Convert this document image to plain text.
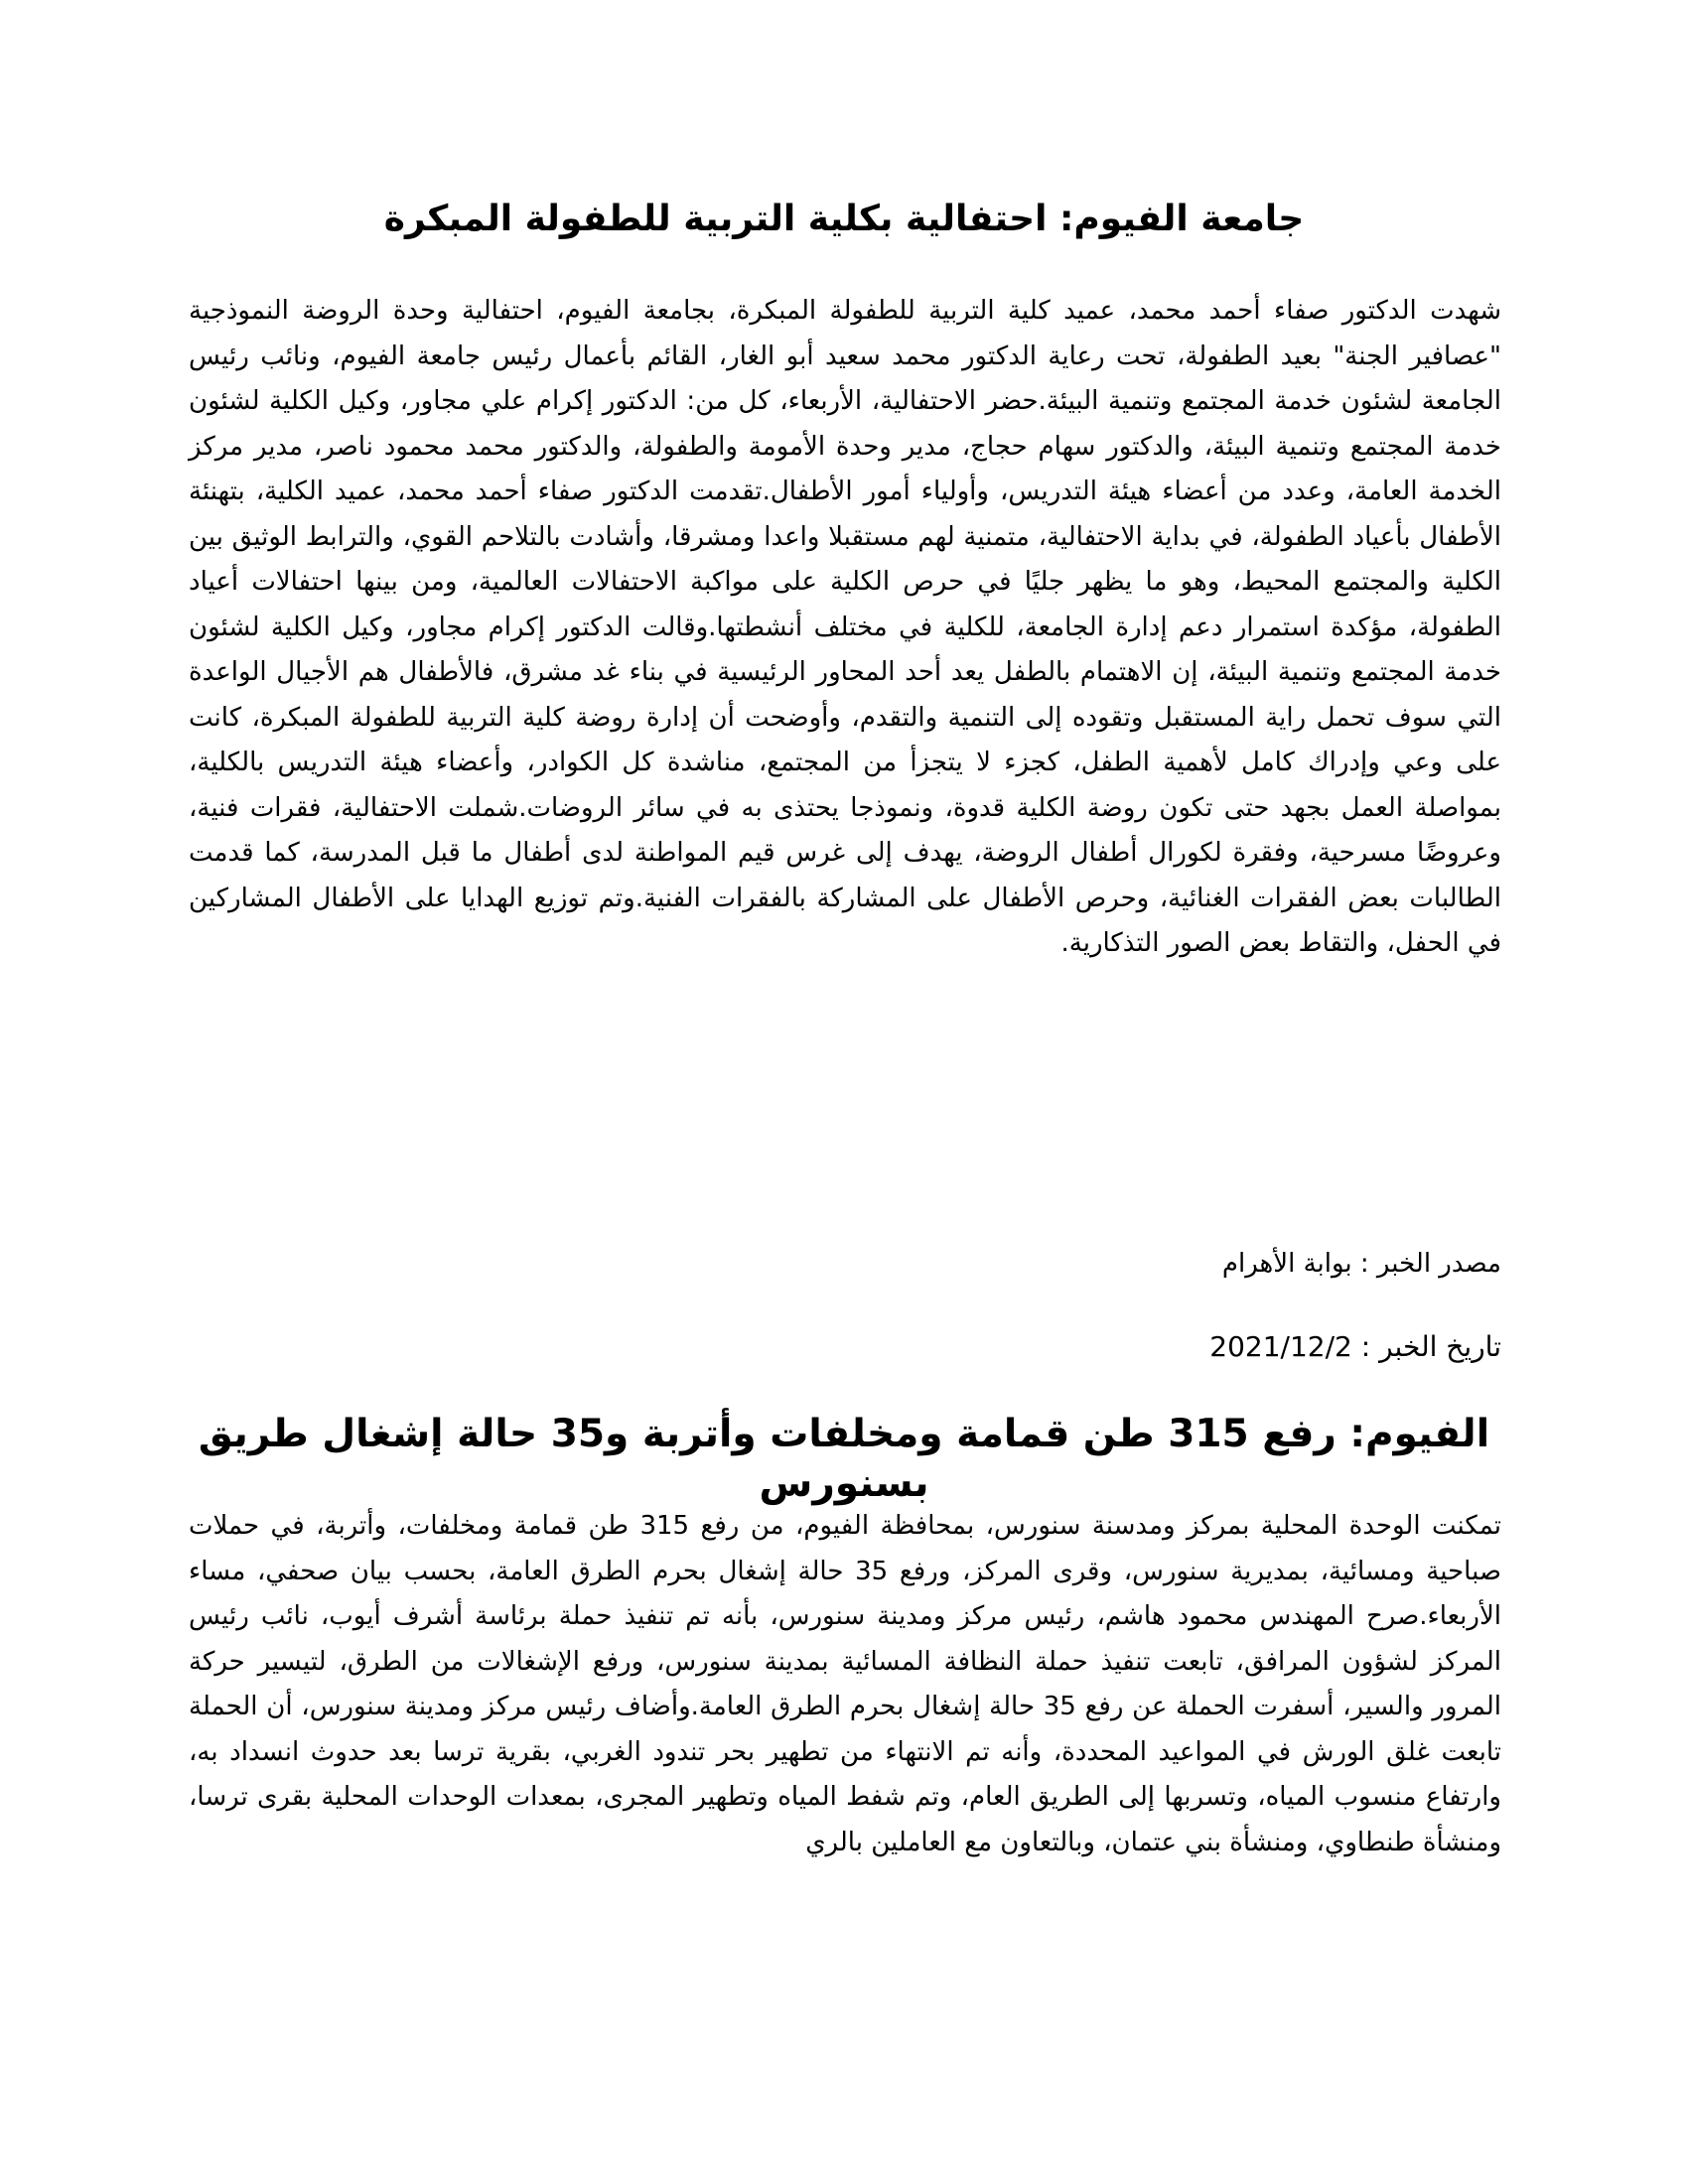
جامعة الفيوم: احتفالية بكلية التربية للطفولة المبكرة

شهدت الدكتور صفاء أحمد محمد، عميد كلية التربية للطفولة المبكرة، بجامعة الفيوم، احتفالية وحدة الروضة النموذجية "عصافير الجنة" بعيد الطفولة، تحت رعاية الدكتور محمد سعيد أبو الغار، القائم بأعمال رئيس جامعة الفيوم، ونائب رئيس الجامعة لشئون خدمة المجتمع وتنمية البيئة.حضر الاحتفالية، الأربعاء، كل من: الدكتور إكرام علي مجاور، وكيل الكلية لشئون خدمة المجتمع وتنمية البيئة، والدكتور سهام حجاج، مدير وحدة الأمومة والطفولة، والدكتور محمد محمود ناصر، مدير مركز الخدمة العامة، وعدد من أعضاء هيئة التدريس، وأولياء أمور الأطفال.تقدمت الدكتور صفاء أحمد محمد، عميد الكلية، بتهنئة الأطفال بأعياد الطفولة، في بداية الاحتفالية، متمنية لهم مستقبلا واعدا ومشرقا، وأشادت بالتلاحم القوي، والترابط الوثيق بين الكلية والمجتمع المحيط، وهو ما يظهر جليًا في حرص الكلية على مواكبة الاحتفالات العالمية، ومن بينها احتفالات أعياد الطفولة، مؤكدة استمرار دعم إدارة الجامعة، للكلية في مختلف أنشطتها.وقالت الدكتور إكرام مجاور، وكيل الكلية لشئون خدمة المجتمع وتنمية البيئة، إن الاهتمام بالطفل يعد أحد المحاور الرئيسية في بناء غد مشرق، فالأطفال هم الأجيال الواعدة التي سوف تحمل راية المستقبل وتقوده إلى التنمية والتقدم، وأوضحت أن إدارة روضة كلية التربية للطفولة المبكرة، كانت على وعي وإدراك كامل لأهمية الطفل، كجزء لا يتجزأ من المجتمع، مناشدة كل الكوادر، وأعضاء هيئة التدريس بالكلية، بمواصلة العمل بجهد حتى تكون روضة الكلية قدوة، ونموذجا يحتذى به في سائر الروضات.شملت الاحتفالية، فقرات فنية، وعروضًا مسرحية، وفقرة لكورال أطفال الروضة، يهدف إلى غرس قيم المواطنة لدى أطفال ما قبل المدرسة، كما قدمت الطالبات بعض الفقرات الغنائية، وحرص الأطفال على المشاركة بالفقرات الفنية.وتم توزيع الهدايا على الأطفال المشاركين في الحفل، والتقاط بعض الصور التذكارية.

مصدر الخبر : بوابة الأهرام

تاريخ الخبر : 2021/12/2

الفيوم: رفع 315 طن قمامة ومخلفات وأتربة و35 حالة إشغال طريق بسنورس

تمكنت الوحدة المحلية بمركز ومدسنة سنورس، بمحافظة الفيوم، من رفع 315 طن قمامة ومخلفات، وأتربة، في حملات صباحية ومسائية، بمديرية سنورس، وقرى المركز، ورفع 35 حالة إشغال بحرم الطرق العامة، بحسب بيان صحفي، مساء الأربعاء.صرح المهندس محمود هاشم، رئيس مركز ومدينة سنورس، بأنه تم تنفيذ حملة برئاسة أشرف أيوب، نائب رئيس المركز لشؤون المرافق، تابعت تنفيذ حملة النظافة المسائية بمدينة سنورس، ورفع الإشغالات من الطرق، لتيسير حركة المرور والسير، أسفرت الحملة عن رفع 35 حالة إشغال بحرم الطرق العامة.وأضاف رئيس مركز ومدينة سنورس، أن الحملة تابعت غلق الورش في المواعيد المحددة، وأنه تم الانتهاء من تطهير بحر تندود الغربي، بقرية ترسا بعد حدوث انسداد به، وارتفاع منسوب المياه، وتسربها إلى الطريق العام، وتم شفط المياه وتطهير المجرى، بمعدات الوحدات المحلية بقرى ترسا، ومنشأة طنطاوي، ومنشأة بني عتمان، وبالتعاون مع العاملين بالري
